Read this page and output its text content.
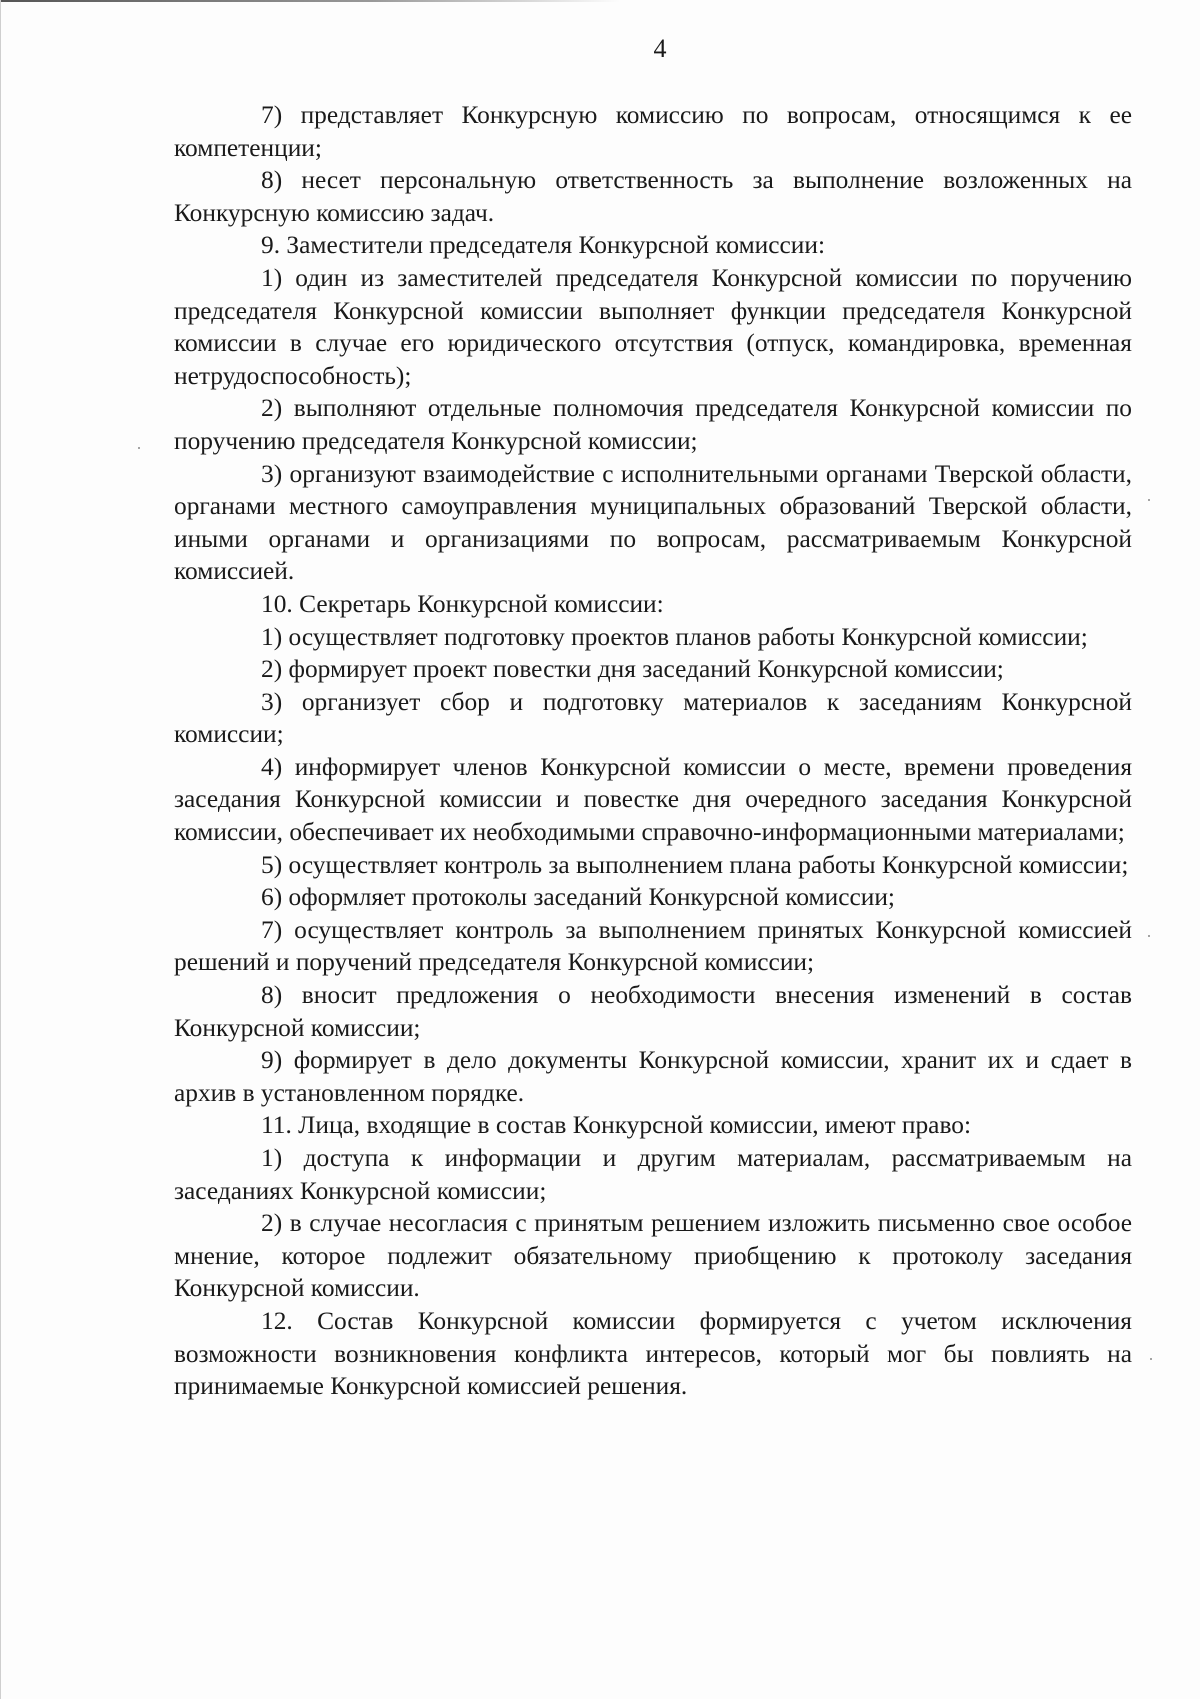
4

7) представляет Конкурсную комиссию по вопросам, относящимся к ее компетенции;

8) несет персональную ответственность за выполнение возложенных на Конкурсную комиссию задач.

9. Заместители председателя Конкурсной комиссии:

1) один из заместителей председателя Конкурсной комиссии по поручению председателя Конкурсной комиссии выполняет функции председателя Конкурсной комиссии в случае его юридического отсутствия (отпуск, командировка, временная нетрудоспособность);

2) выполняют отдельные полномочия председателя Конкурсной комиссии по поручению председателя Конкурсной комиссии;

3) организуют взаимодействие с исполнительными органами Тверской области, органами местного самоуправления муниципальных образований Тверской области, иными органами и организациями по вопросам, рассматриваемым Конкурсной комиссией.

10. Секретарь Конкурсной комиссии:

1) осуществляет подготовку проектов планов работы Конкурсной комиссии;

2) формирует проект повестки дня заседаний Конкурсной комиссии;

3) организует сбор и подготовку материалов к заседаниям Конкурсной комиссии;

4) информирует членов Конкурсной комиссии о месте, времени проведения заседания Конкурсной комиссии и повестке дня очередного заседания Конкурсной комиссии, обеспечивает их необходимыми справочно-информационными материалами;

5) осуществляет контроль за выполнением плана работы Конкурсной комиссии;

6) оформляет протоколы заседаний Конкурсной комиссии;

7) осуществляет контроль за выполнением принятых Конкурсной комиссией решений и поручений председателя Конкурсной комиссии;

8) вносит предложения о необходимости внесения изменений в состав Конкурсной комиссии;

9) формирует в дело документы Конкурсной комиссии, хранит их и сдает в архив в установленном порядке.

11. Лица, входящие в состав Конкурсной комиссии, имеют право:

1) доступа к информации и другим материалам, рассматриваемым на заседаниях Конкурсной комиссии;

2) в случае несогласия с принятым решением изложить письменно свое особое мнение, которое подлежит обязательному приобщению к протоколу заседания Конкурсной комиссии.

12. Состав Конкурсной комиссии формируется с учетом исключения возможности возникновения конфликта интересов, который мог бы повлиять на принимаемые Конкурсной комиссией решения.
